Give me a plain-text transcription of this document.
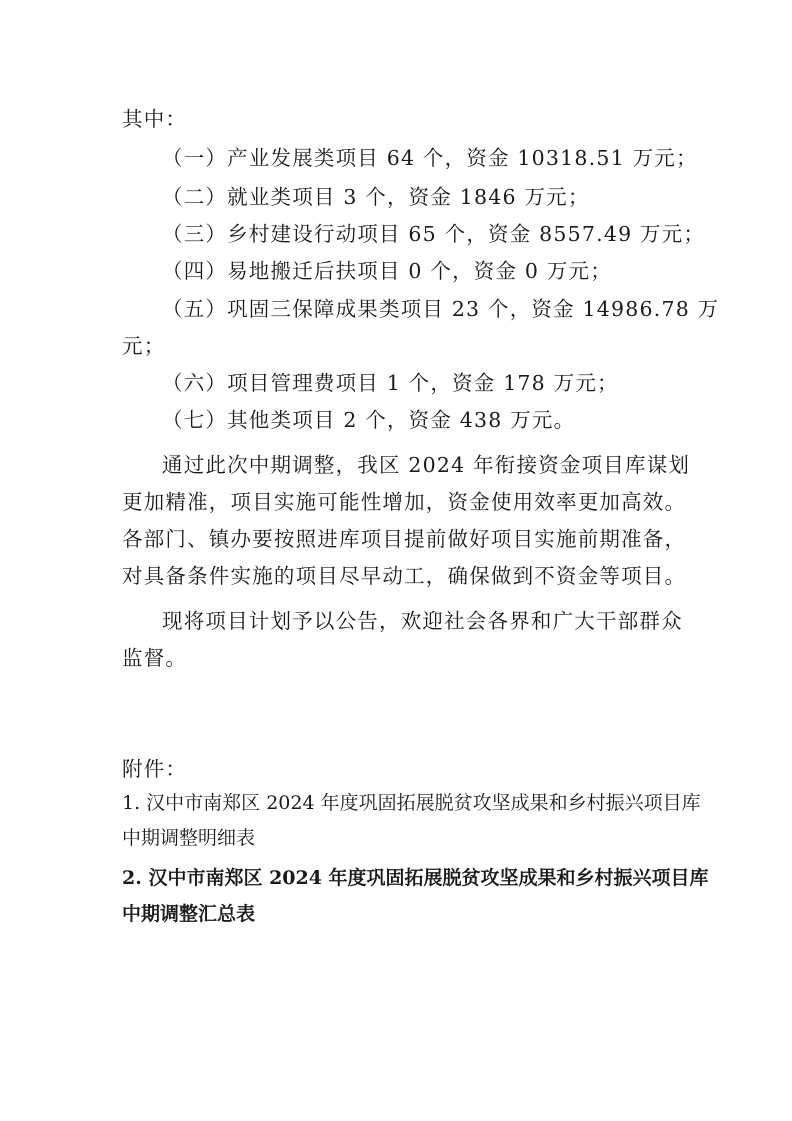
其中：
（一）产业发展类项目 64 个，资金 10318.51 万元；
（二）就业类项目 3 个，资金 1846 万元；
（三）乡村建设行动项目 65 个，资金 8557.49 万元；
（四）易地搬迁后扶项目 0 个，资金 0 万元；
（五）巩固三保障成果类项目 23 个，资金 14986.78 万
元；
（六）项目管理费项目 1 个，资金 178 万元；
（七）其他类项目 2 个，资金 438 万元。
通过此次中期调整，我区 2024 年衔接资金项目库谋划
更加精准，项目实施可能性增加，资金使用效率更加高效。
各部门、镇办要按照进库项目提前做好项目实施前期准备，
对具备条件实施的项目尽早动工，确保做到不资金等项目。
现将项目计划予以公告，欢迎社会各界和广大干部群众
监督。
附件：
1. 汉中市南郑区 2024 年度巩固拓展脱贫攻坚成果和乡村振兴项目库
中期调整明细表
2. 汉中市南郑区 2024 年度巩固拓展脱贫攻坚成果和乡村振兴项目库
中期调整汇总表
